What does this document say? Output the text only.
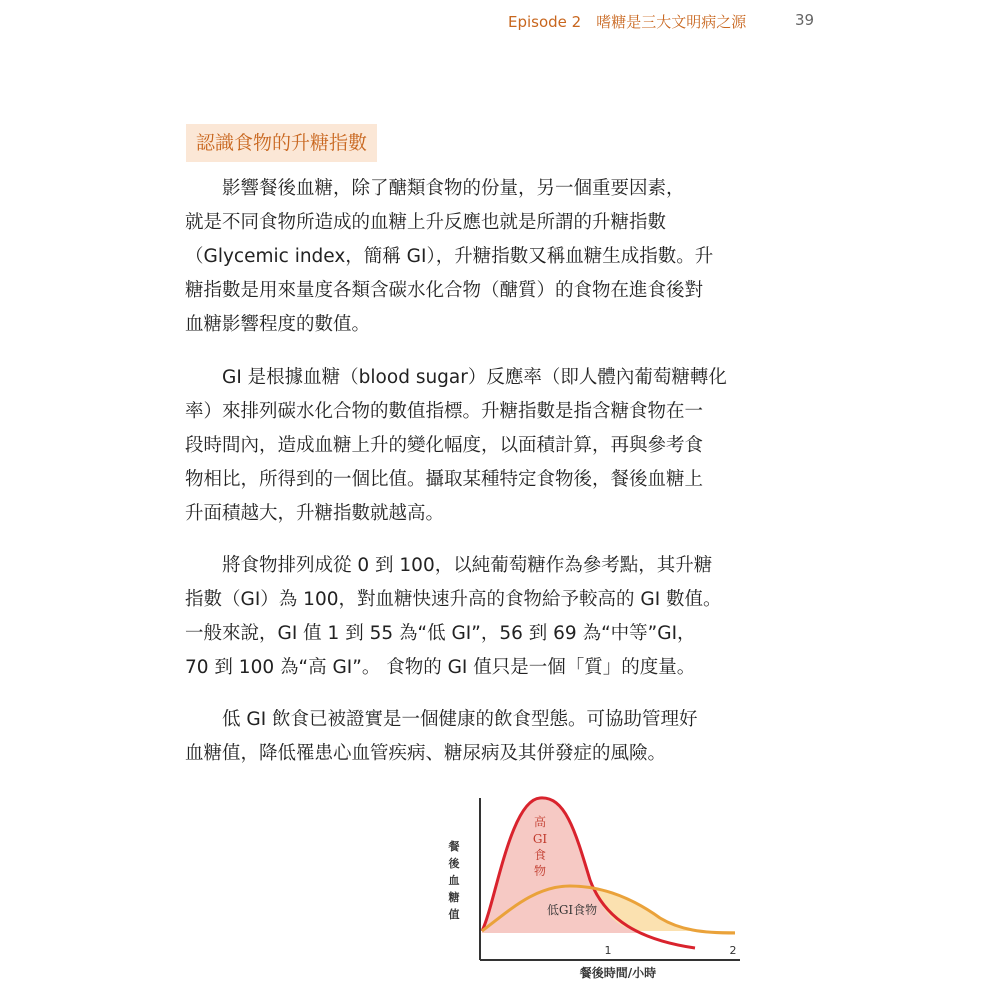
Episode 2　嗜糖是三大文明病之源	39
認識食物的升糖指數
　　影響餐後血糖，除了醣類食物的份量，另一個重要因素，
就是不同食物所造成的血糖上升反應也就是所謂的升糖指數
（Glycemic index，簡稱 GI），升糖指數又稱血糖生成指數。升
糖指數是用來量度各類含碳水化合物（醣質）的食物在進食後對
血糖影響程度的數值。
　　GI 是根據血糖（blood sugar）反應率（即人體內葡萄糖轉化
率）來排列碳水化合物的數值指標。升糖指數是指含糖食物在一
段時間內，造成血糖上升的變化幅度，以面積計算，再與參考食
物相比，所得到的一個比值。攝取某種特定食物後，餐後血糖上
升面積越大，升糖指數就越高。
　　將食物排列成從 0 到 100，以純葡萄糖作為參考點，其升糖
指數（GI）為 100，對血糖快速升高的食物給予較高的 GI 數值。
一般來說，GI 值 1 到 55 為“低 GI”，56 到 69 為“中等”GI，
70 到 100 為“高 GI”。 食物的 GI 值只是一個「質」的度量。
　　低 GI 飲食已被證實是一個健康的飲食型態。可協助管理好
血糖值，降低罹患心血管疾病、糖尿病及其併發症的風險。
1	2
高
GI
食
物
低GI食物
餐
後
血
糖
值
餐後時間/小時
